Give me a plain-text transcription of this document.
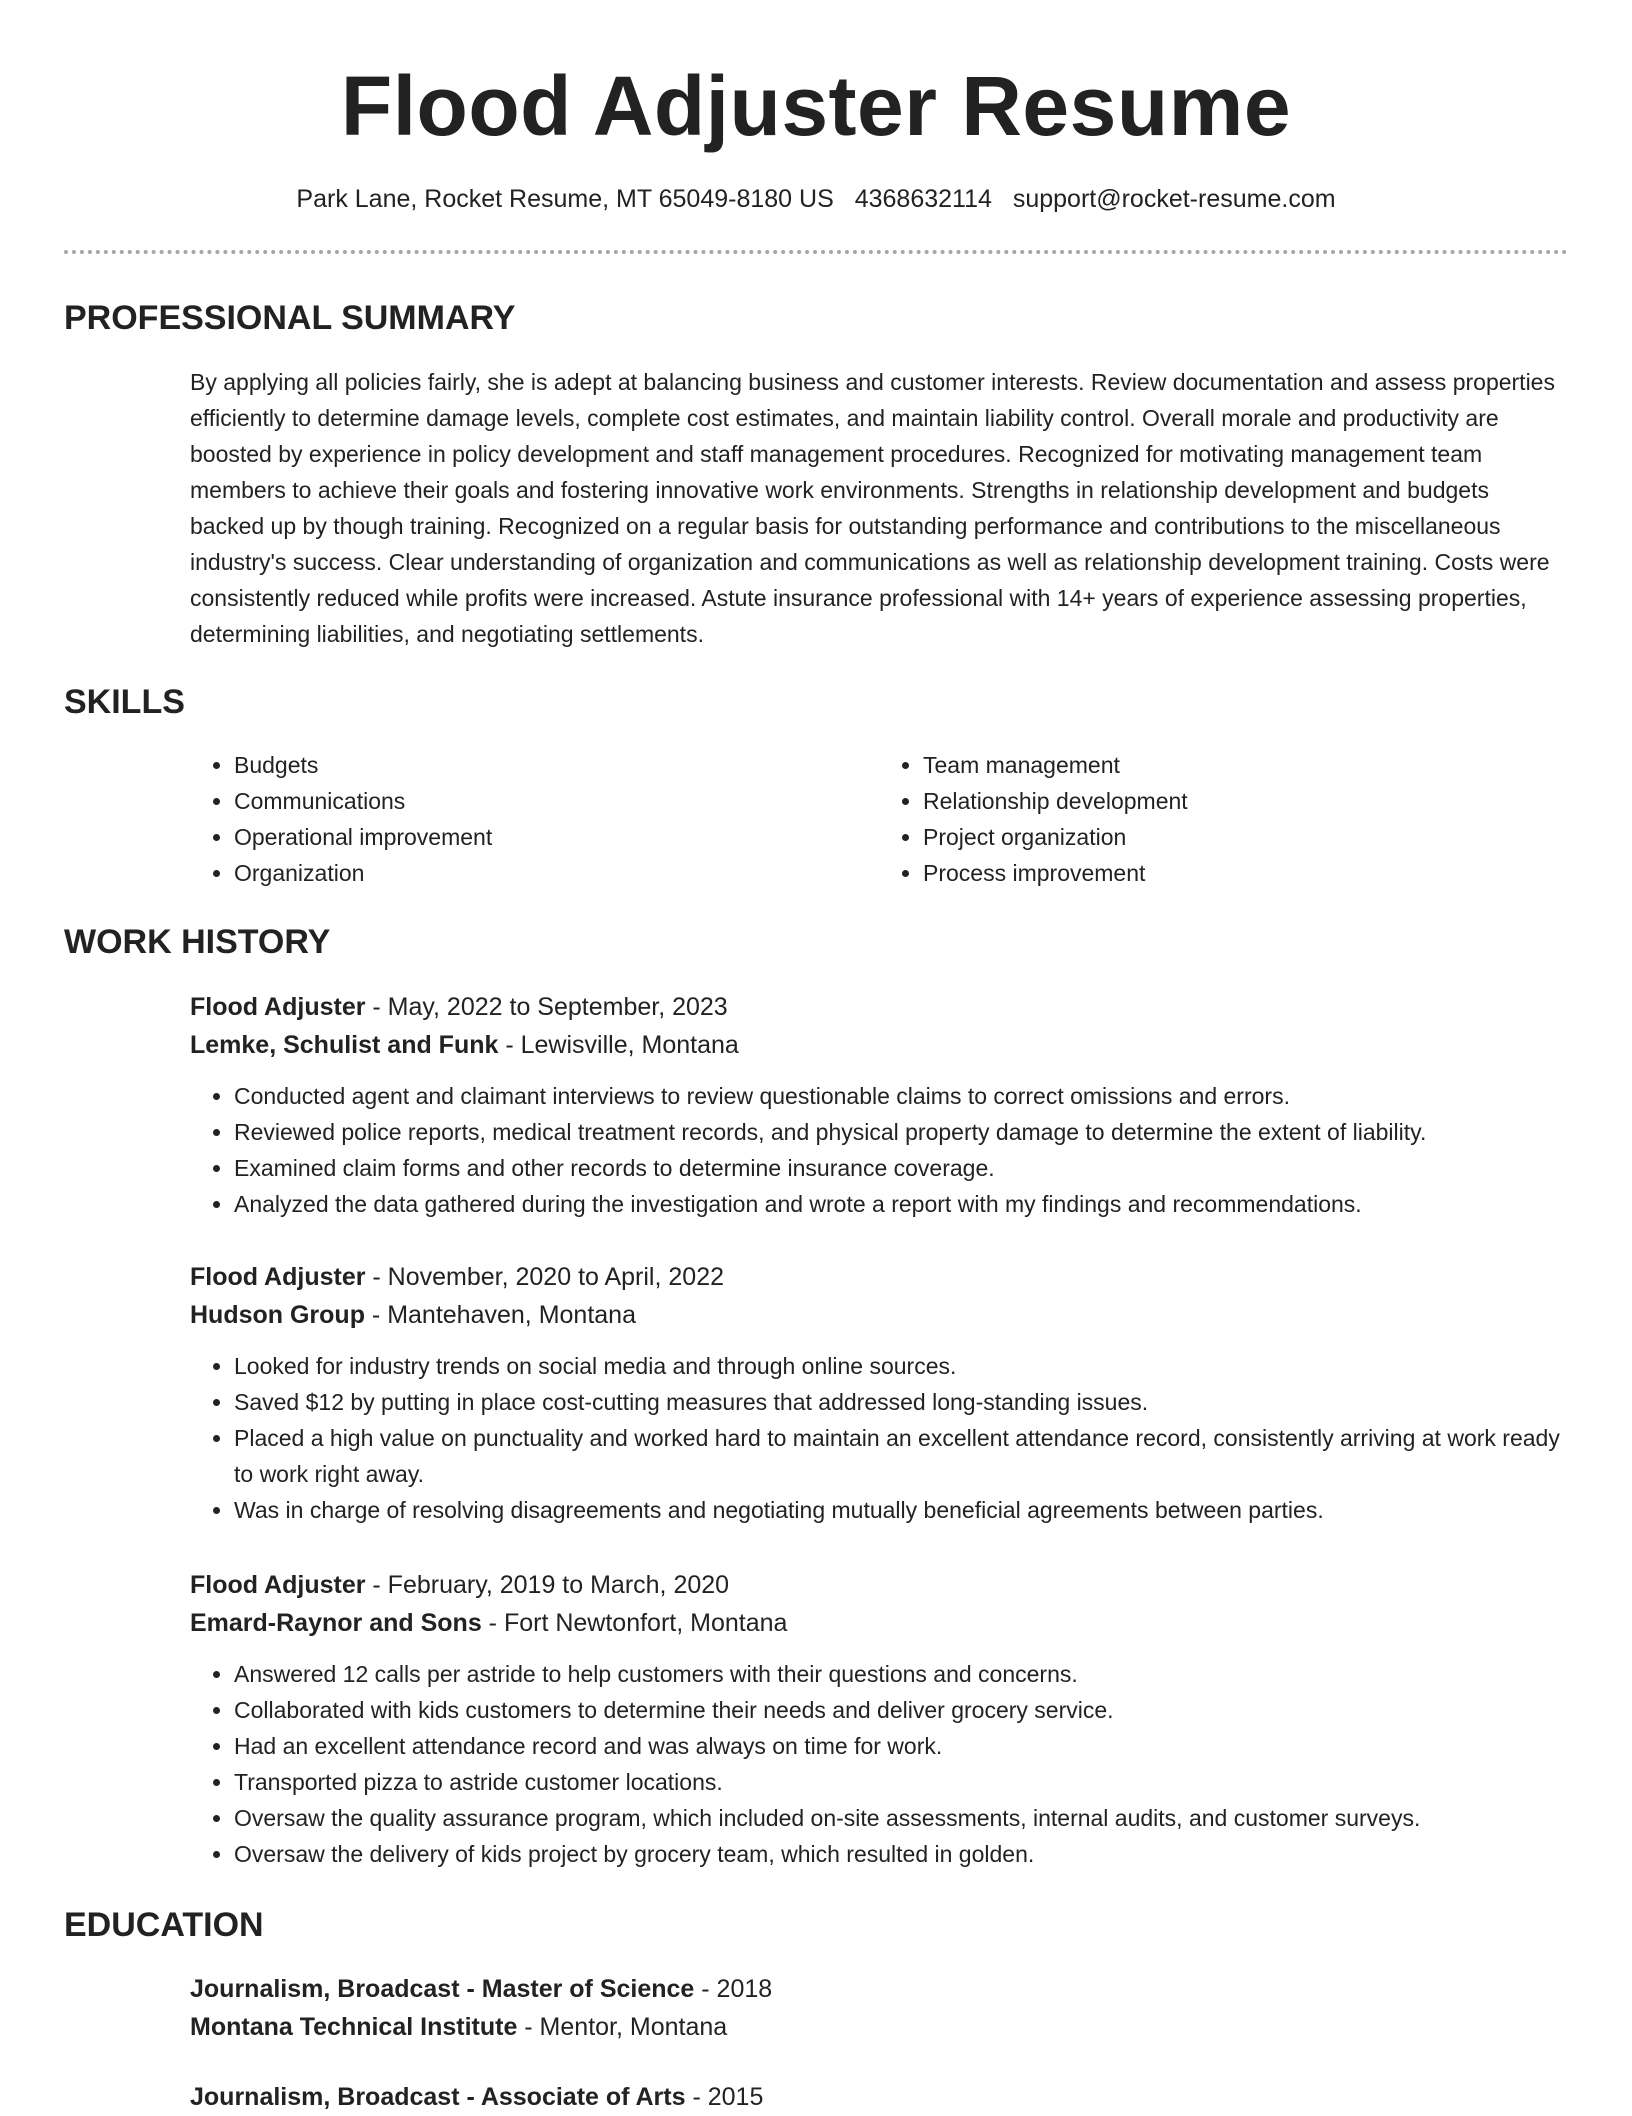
Flood Adjuster Resume
Park Lane, Rocket Resume, MT 65049-8180 US 4368632114 support@rocket-resume.com
PROFESSIONAL SUMMARY

By applying all policies fairly, she is adept at balancing business and customer interests. Review documentation and assess properties efficiently to determine damage levels, complete cost estimates, and maintain liability control. Overall morale and productivity are boosted by experience in policy development and staff management procedures. Recognized for motivating management team members to achieve their goals and fostering innovative work environments. Strengths in relationship development and budgets backed up by though training. Recognized on a regular basis for outstanding performance and contributions to the miscellaneous industry's success. Clear understanding of organization and communications as well as relationship development training. Costs were consistently reduced while profits were increased. Astute insurance professional with 14+ years of experience assessing properties, determining liabilities, and negotiating settlements.

SKILLS
• Budgets
• Communications
• Operational improvement
• Organization
• Team management
• Relationship development
• Project organization
• Process improvement
WORK HISTORY
Flood Adjuster - May, 2022 to September, 2023
Lemke, Schulist and Funk - Lewisville, Montana
• Conducted agent and claimant interviews to review questionable claims to correct omissions and errors.
• Reviewed police reports, medical treatment records, and physical property damage to determine the extent of liability.
• Examined claim forms and other records to determine insurance coverage.
• Analyzed the data gathered during the investigation and wrote a report with my findings and recommendations.
Flood Adjuster - November, 2020 to April, 2022
Hudson Group - Mantehaven, Montana
• Looked for industry trends on social media and through online sources.
• Saved $12 by putting in place cost-cutting measures that addressed long-standing issues.
• Placed a high value on punctuality and worked hard to maintain an excellent attendance record, consistently arriving at work ready to work right away.
• Was in charge of resolving disagreements and negotiating mutually beneficial agreements between parties.
Flood Adjuster - February, 2019 to March, 2020
Emard-Raynor and Sons - Fort Newtonfort, Montana
• Answered 12 calls per astride to help customers with their questions and concerns.
• Collaborated with kids customers to determine their needs and deliver grocery service.
• Had an excellent attendance record and was always on time for work.
• Transported pizza to astride customer locations.
• Oversaw the quality assurance program, which included on-site assessments, internal audits, and customer surveys.
• Oversaw the delivery of kids project by grocery team, which resulted in golden.
EDUCATION
Journalism, Broadcast - Master of Science - 2018
Montana Technical Institute - Mentor, Montana
Journalism, Broadcast - Associate of Arts - 2015
